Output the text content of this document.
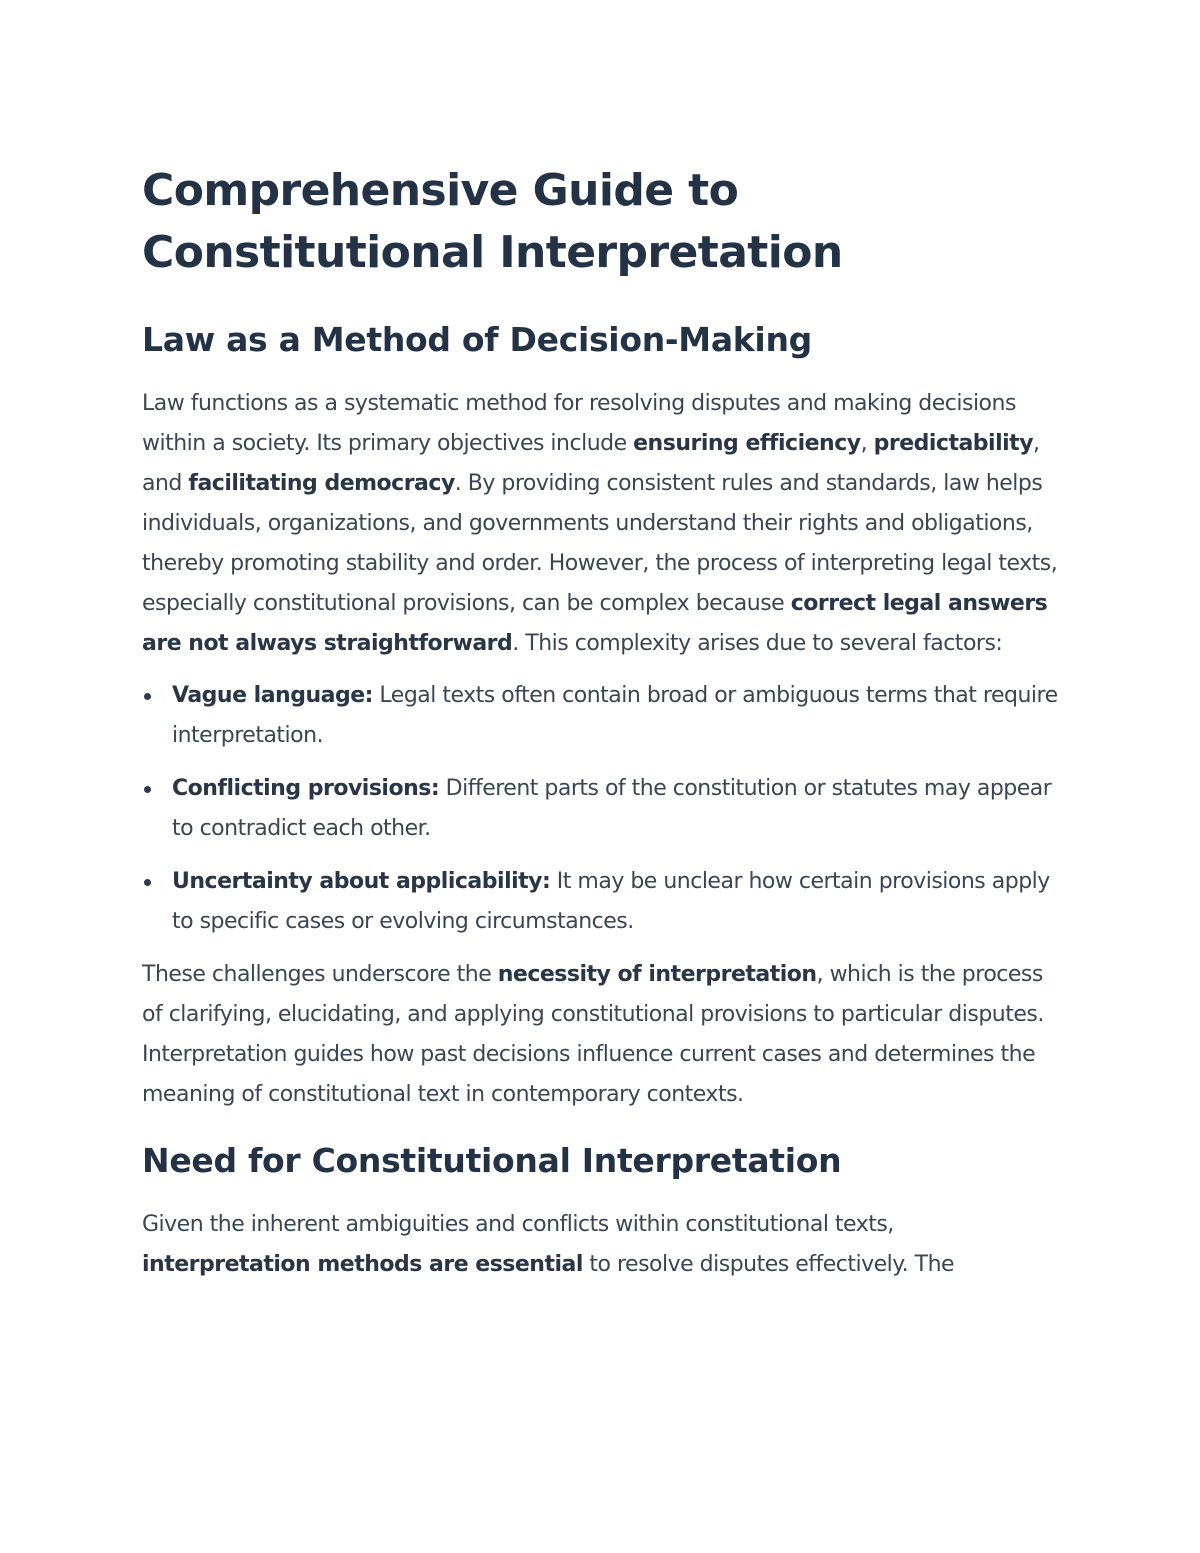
Comprehensive Guide to Constitutional Interpretation
Law as a Method of Decision-Making

Law functions as a systematic method for resolving disputes and making decisions within a society. Its primary objectives include ensuring efficiency, predictability, and facilitating democracy. By providing consistent rules and standards, law helps individuals, organizations, and governments understand their rights and obligations, thereby promoting stability and order. However, the process of interpreting legal texts, especially constitutional provisions, can be complex because correct legal answers are not always straightforward. This complexity arises due to several factors:

Vague language: Legal texts often contain broad or ambiguous terms that require interpretation.
Conflicting provisions: Different parts of the constitution or statutes may appear to contradict each other.
Uncertainty about applicability: It may be unclear how certain provisions apply to specific cases or evolving circumstances.

These challenges underscore the necessity of interpretation, which is the process of clarifying, elucidating, and applying constitutional provisions to particular disputes. Interpretation guides how past decisions influence current cases and determines the meaning of constitutional text in contemporary contexts.

Need for Constitutional Interpretation

Given the inherent ambiguities and conflicts within constitutional texts, interpretation methods are essential to resolve disputes effectively. The
